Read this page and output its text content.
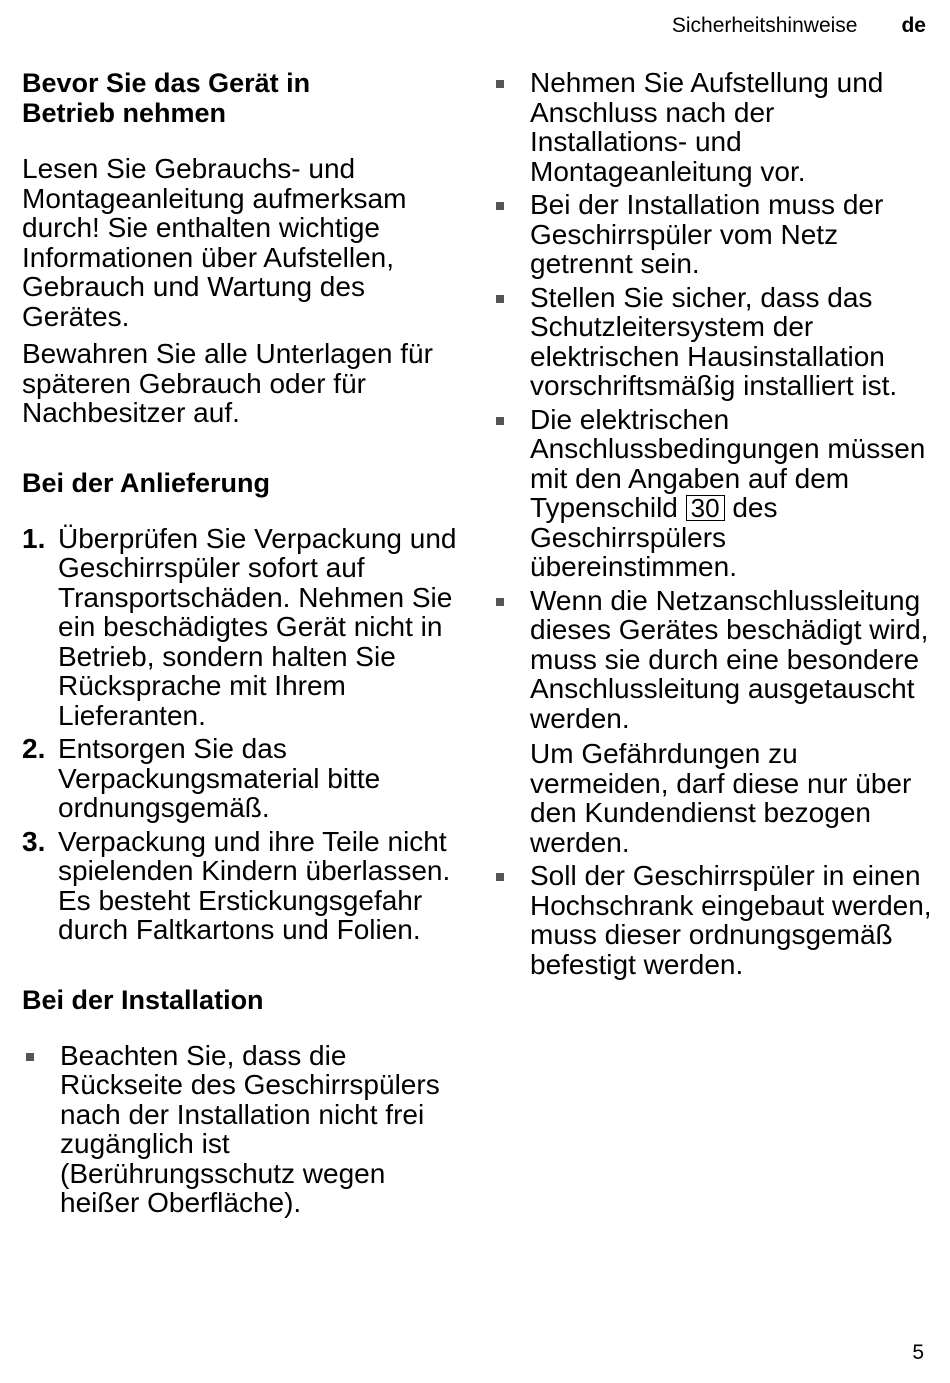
Sicherheitshinweise de
Bevor Sie das Gerät in Betrieb nehmen

Lesen Sie Gebrauchs- und Montageanleitung aufmerksam durch! Sie enthalten wichtige Informationen über Aufstellen, Gebrauch und Wartung des Gerätes.

Bewahren Sie alle Unterlagen für späteren Gebrauch oder für Nachbesitzer auf.

Bei der Anlieferung
1. Überprüfen Sie Verpackung und Geschirrspüler sofort auf Transportschäden. Nehmen Sie ein beschädigtes Gerät nicht in Betrieb, sondern halten Sie Rücksprache mit Ihrem Lieferanten.
2. Entsorgen Sie das Verpackungsmaterial bitte ordnungsgemäß.
3. Verpackung und ihre Teile nicht spielenden Kindern überlassen. Es besteht Erstickungsgefahr durch Faltkartons und Folien.
Bei der Installation
Beachten Sie, dass die Rückseite des Geschirrspülers nach der Installation nicht frei zugänglich ist (Berührungsschutz wegen heißer Oberfläche).
Nehmen Sie Aufstellung und Anschluss nach der Installations- und Montageanleitung vor.
Bei der Installation muss der Geschirrspüler vom Netz getrennt sein.
Stellen Sie sicher, dass das Schutzleitersystem der elektrischen Hausinstallation vorschriftsmäßig installiert ist.
Die elektrischen Anschlussbedingungen müssen mit den Angaben auf dem Typenschild 30 des Geschirrspülers übereinstimmen.
Wenn die Netzanschlussleitung dieses Gerätes beschädigt wird, muss sie durch eine besondere Anschlussleitung ausgetauscht werden.

Um Gefährdungen zu vermeiden, darf diese nur über den Kundendienst bezogen werden.

Soll der Geschirrspüler in einen Hochschrank eingebaut werden, muss dieser ordnungsgemäß befestigt werden.
5
